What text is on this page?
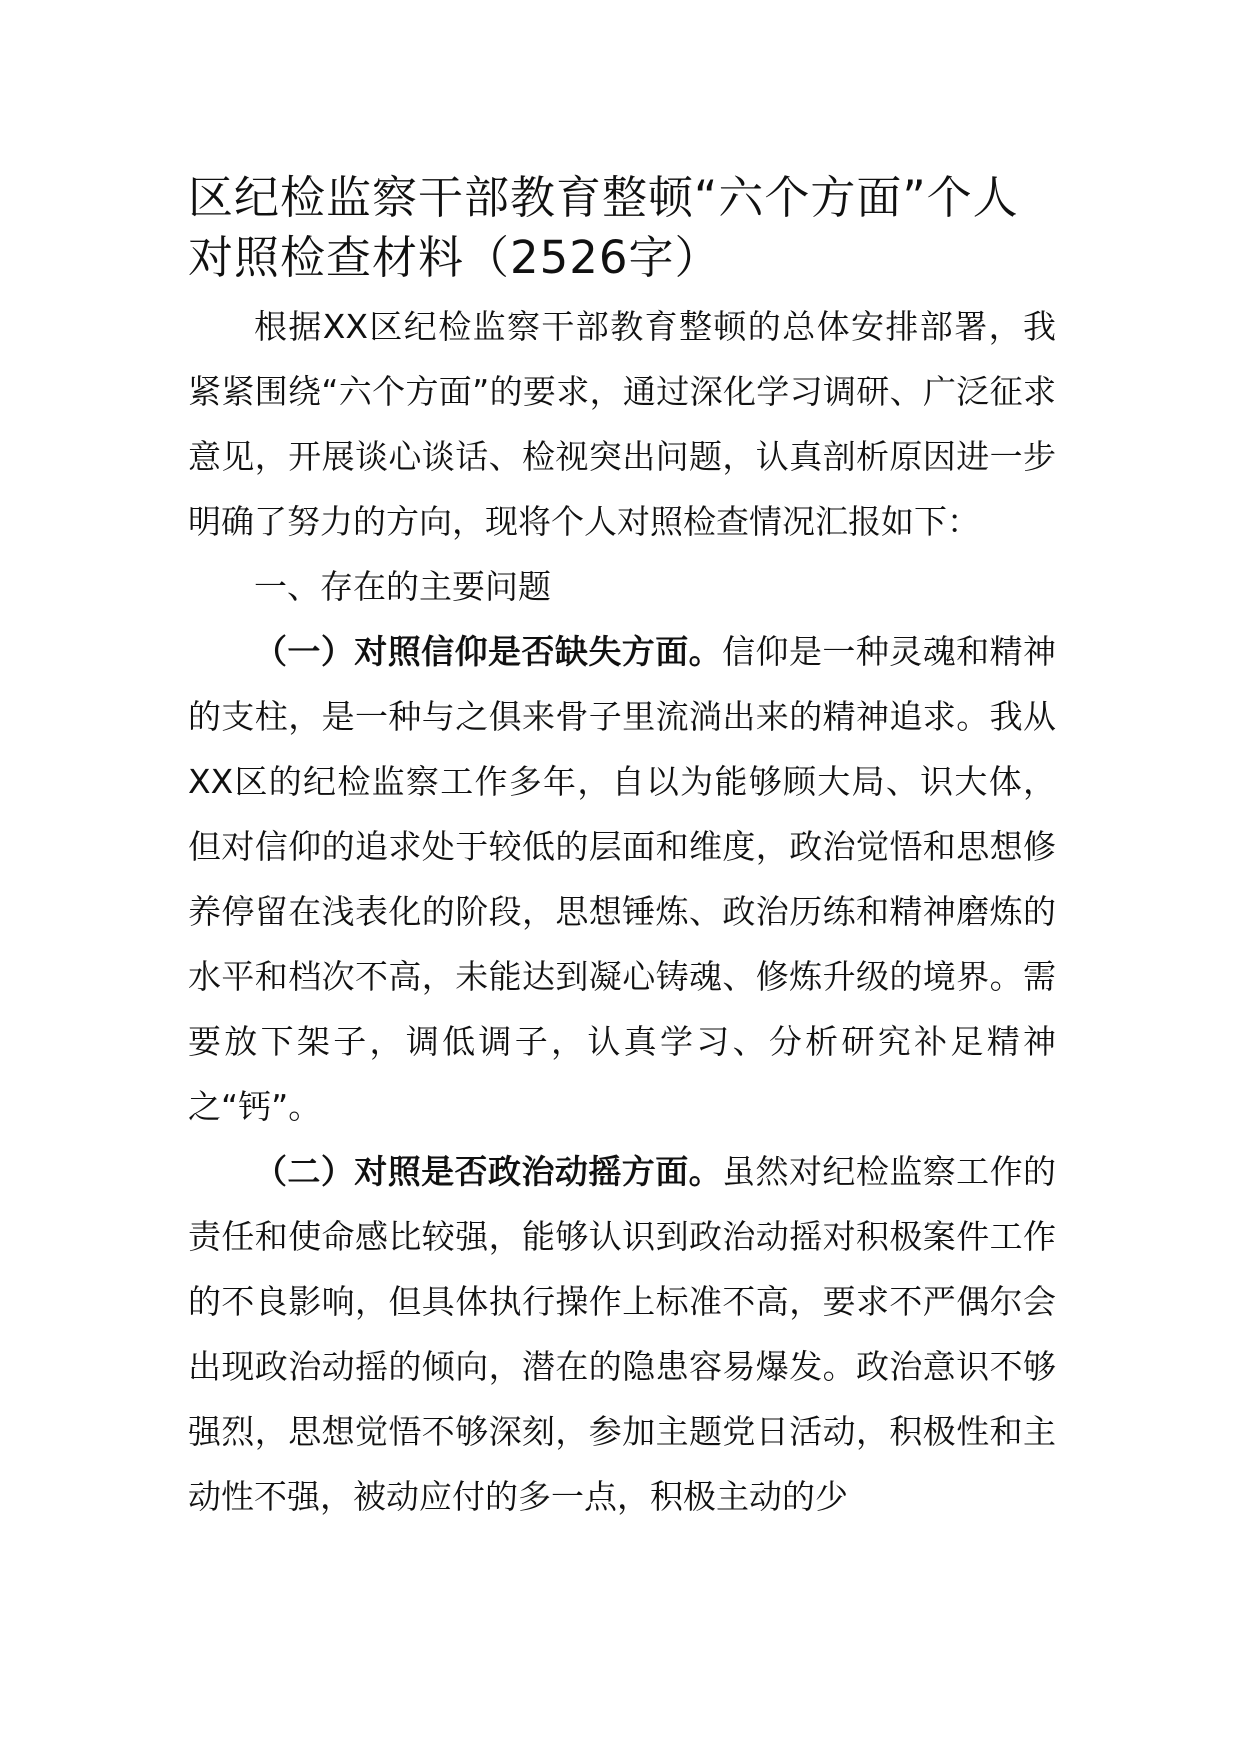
区纪检监察干部教育整顿“六个方面”个人对照检查材料（2526字）

根据XX区纪检监察干部教育整顿的总体安排部署，我紧紧围绕“六个方面”的要求，通过深化学习调研、广泛征求意见，开展谈心谈话、检视突出问题，认真剖析原因进一步明确了努力的方向，现将个人对照检查情况汇报如下：

一、存在的主要问题

（一）对照信仰是否缺失方面。信仰是一种灵魂和精神的支柱，是一种与之俱来骨子里流淌出来的精神追求。我从XX区的纪检监察工作多年，自以为能够顾大局、识大体，但对信仰的追求处于较低的层面和维度，政治觉悟和思想修养停留在浅表化的阶段，思想锤炼、政治历练和精神磨炼的水平和档次不高，未能达到凝心铸魂、修炼升级的境界。需要放下架子，调低调子，认真学习、分析研究补足精神之“钙”。

（二）对照是否政治动摇方面。虽然对纪检监察工作的责任和使命感比较强，能够认识到政治动摇对积极案件工作的不良影响，但具体执行操作上标准不高，要求不严偶尔会出现政治动摇的倾向，潜在的隐患容易爆发。政治意识不够强烈，思想觉悟不够深刻，参加主题党日活动，积极性和主动性不强，被动应付的多一点，积极主动的少
